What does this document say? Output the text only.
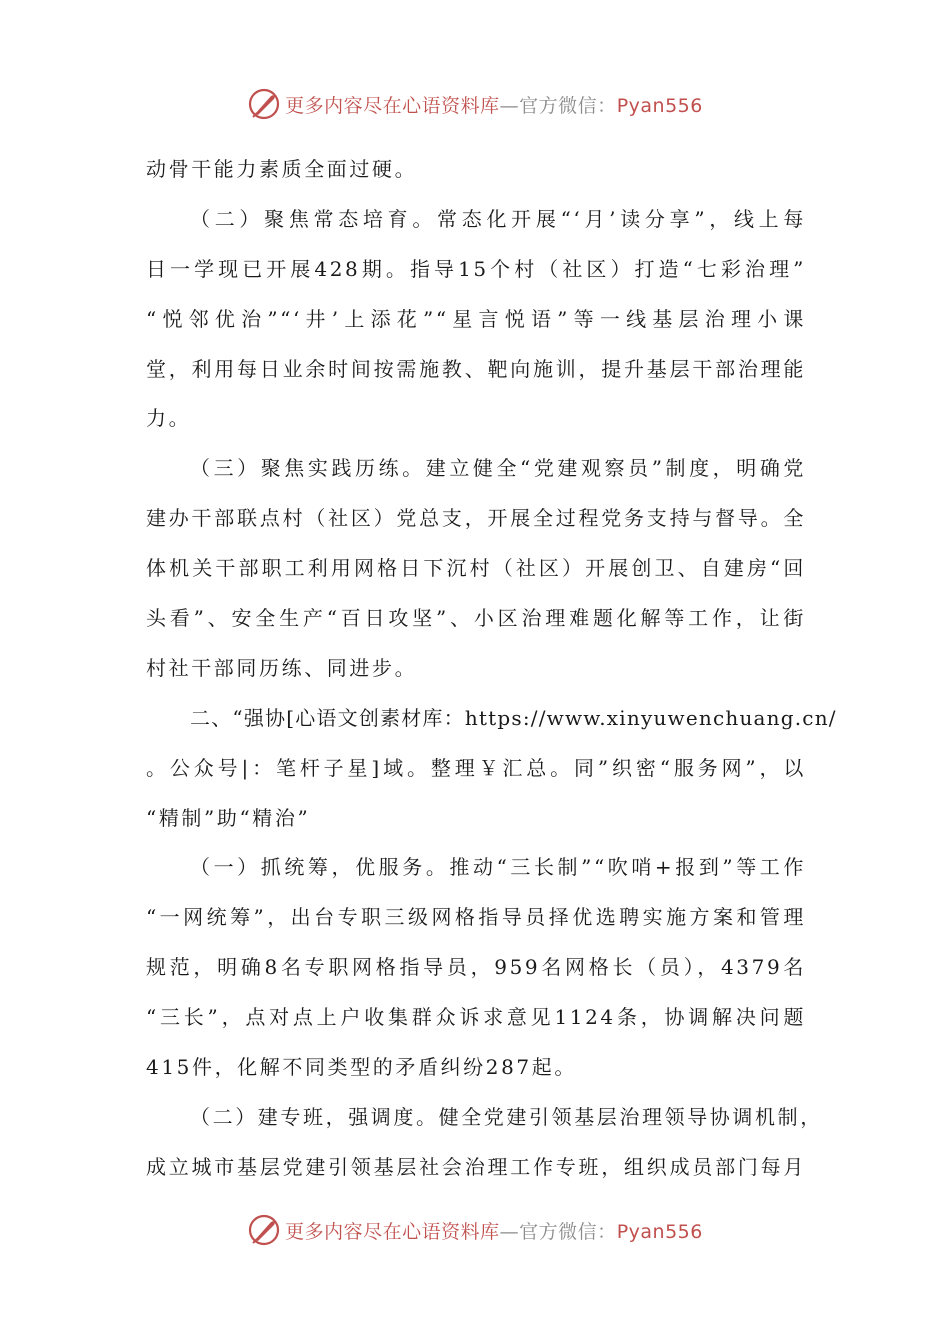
更多内容尽在心语资料库—官方微信：Pyan556
动骨干能力素质全面过硬。
（二）聚焦常态培育。常态化开展“‘月’读分享”，线上每
日一学现已开展428期。指导15个村（社区）打造“七彩治理”
“悦邻优治”“‘井’上添花”“星言悦语”等一线基层治理小课
堂，利用每日业余时间按需施教、靶向施训，提升基层干部治理能
力。
（三）聚焦实践历练。建立健全“党建观察员”制度，明确党
建办干部联点村（社区）党总支，开展全过程党务支持与督导。全
体机关干部职工利用网格日下沉村（社区）开展创卫、自建房“回
头看”、安全生产“百日攻坚”、小区治理难题化解等工作，让街
村社干部同历练、同进步。
二、“强协[心语文创素材库：https://www.xinyuwenchuang.cn/
。公众号|：笔杆子星]域。整理￥汇总。同”织密“服务网”，以
“精制”助“精治”
（一）抓统筹，优服务。推动“三长制”“吹哨+报到”等工作
“一网统筹”，出台专职三级网格指导员择优选聘实施方案和管理
规范，明确8名专职网格指导员，959名网格长（员），4379名
“三长”，点对点上户收集群众诉求意见1124条，协调解决问题
415件，化解不同类型的矛盾纠纷287起。
（二）建专班，强调度。健全党建引领基层治理领导协调机制，
成立城市基层党建引领基层社会治理工作专班，组织成员部门每月
更多内容尽在心语资料库—官方微信：Pyan556
